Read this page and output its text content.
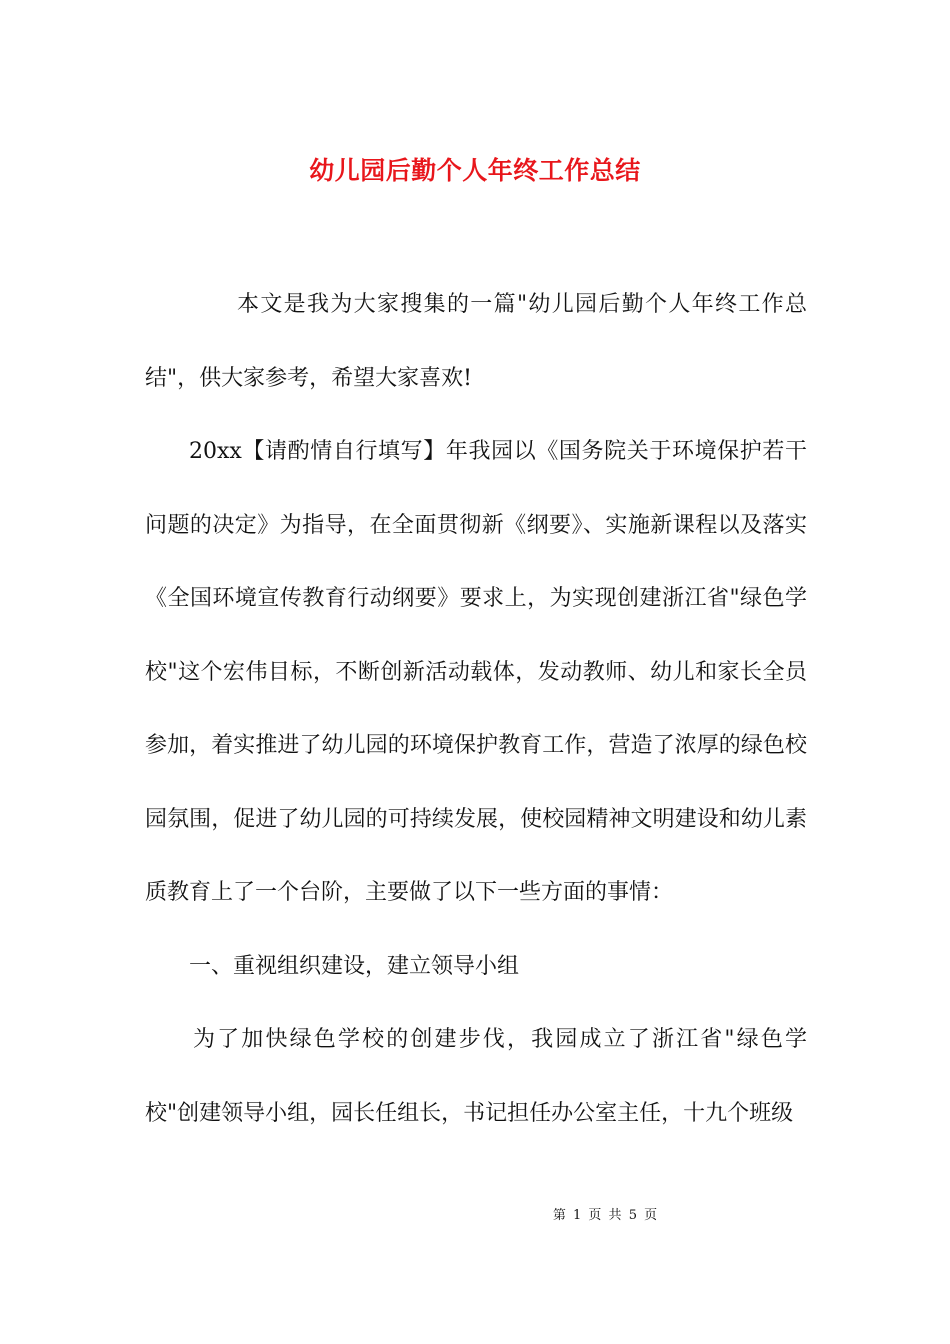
幼儿园后勤个人年终工作总结

本文是我为大家搜集的一篇"幼儿园后勤个人年终工作总结"，供大家参考，希望大家喜欢!

20xx【请酌情自行填写】年我园以《国务院关于环境保护若干问题的决定》为指导，在全面贯彻新《纲要》、实施新课程以及落实《全国环境宣传教育行动纲要》要求上，为实现创建浙江省"绿色学校"这个宏伟目标，不断创新活动载体，发动教师、幼儿和家长全员参加，着实推进了幼儿园的环境保护教育工作，营造了浓厚的绿色校园氛围，促进了幼儿园的可持续发展，使校园精神文明建设和幼儿素质教育上了一个台阶，主要做了以下一些方面的事情：

一、重视组织建设，建立领导小组

为了加快绿色学校的创建步伐，我园成立了浙江省"绿色学校"创建领导小组，园长任组长，书记担任办公室主任，十九个班级

第 1 页 共 5 页
